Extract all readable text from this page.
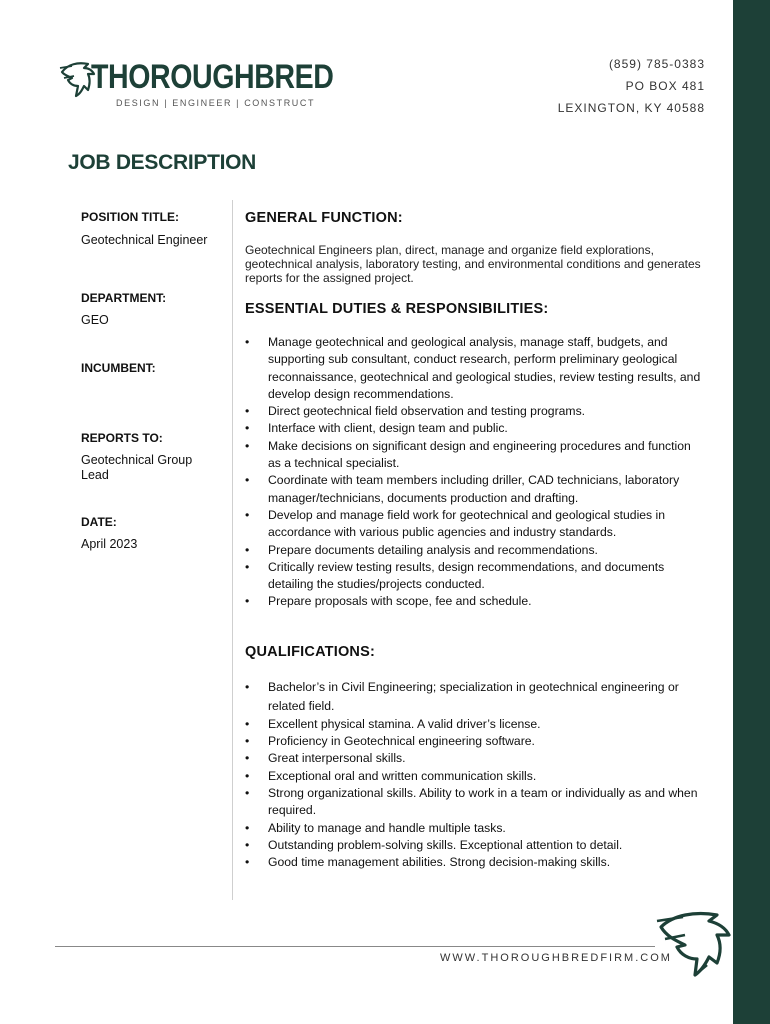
THOROUGHBRED
DESIGN | ENGINEER | CONSTRUCT
(859) 785-0383
PO BOX 481
LEXINGTON, KY 40588
JOB DESCRIPTION
POSITION TITLE:
Geotechnical Engineer
DEPARTMENT:
GEO
INCUMBENT:
REPORTS TO:
Geotechnical Group Lead
DATE:
April 2023
GENERAL FUNCTION:
Geotechnical Engineers plan, direct, manage and organize field explorations, geotechnical analysis, laboratory testing, and environmental conditions and generates reports for the assigned project.
ESSENTIAL DUTIES & RESPONSIBILITIES:
• Manage geotechnical and geological analysis, manage staff, budgets, and supporting sub consultant, conduct research, perform preliminary geological reconnaissance, geotechnical and geological studies, review testing results, and develop design recommendations.
• Direct geotechnical field observation and testing programs.
• Interface with client, design team and public.
• Make decisions on significant design and engineering procedures and function as a technical specialist.
• Coordinate with team members including driller, CAD technicians, laboratory manager/technicians, documents production and drafting.
• Develop and manage field work for geotechnical and geological studies in accordance with various public agencies and industry standards.
• Prepare documents detailing analysis and recommendations.
• Critically review testing results, design recommendations, and documents detailing the studies/projects conducted.
• Prepare proposals with scope, fee and schedule.
QUALIFICATIONS:
• Bachelor’s in Civil Engineering; specialization in geotechnical engineering or related field.
• Excellent physical stamina. A valid driver’s license.
• Proficiency in Geotechnical engineering software.
• Great interpersonal skills.
• Exceptional oral and written communication skills.
• Strong organizational skills. Ability to work in a team or individually as and when required.
• Ability to manage and handle multiple tasks.
• Outstanding problem-solving skills. Exceptional attention to detail.
• Good time management abilities. Strong decision-making skills.
WWW.THOROUGHBREDFIRM.COM
